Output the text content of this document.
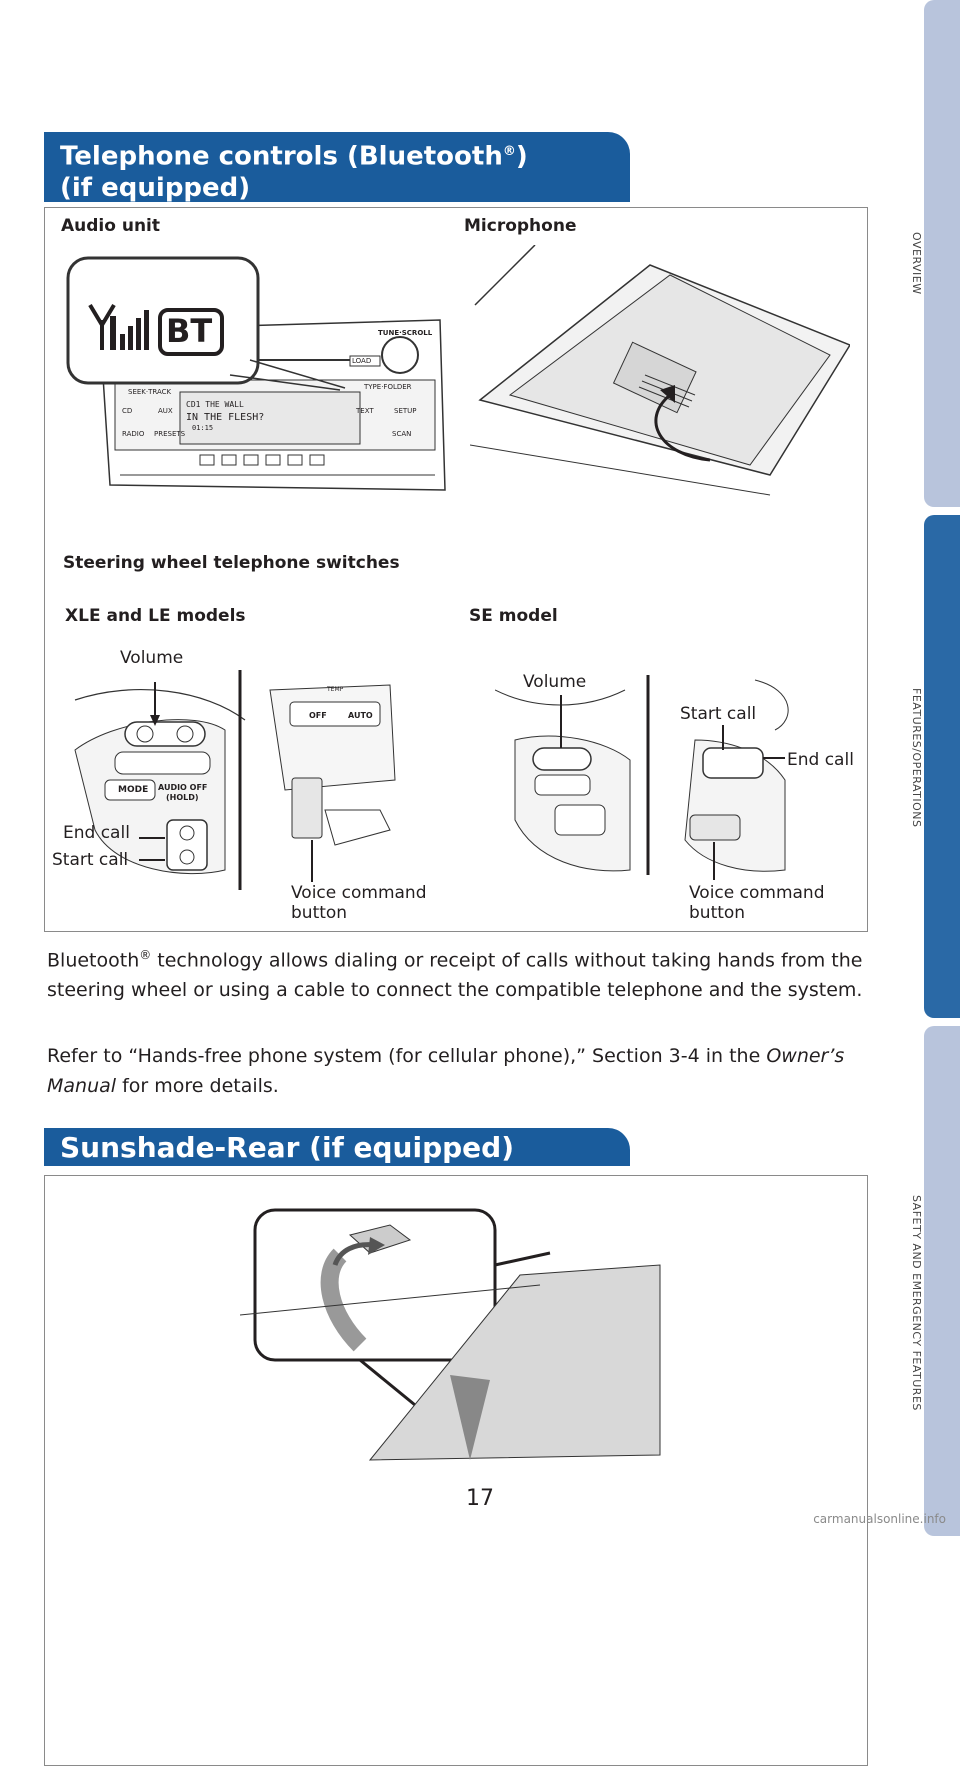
OVERVIEW
FEATURES/OPERATIONS
SAFETY AND EMERGENCY FEATURES
Telephone controls (Bluetooth®)
(if equipped)
Audio unit	Microphone
Steering wheel telephone switches
XLE and LE models	SE model
BT	TUNE·SCROLL
LOAD
SEEK·TRACK
TYPE·FOLDER
CD	AUX	TEXT	SETUP
RADIO PRESETS	SCAN
CD1 THE WALL
IN THE FLESH?
01:15
MODE AUDIO OFF
(HOLD)
OFF	AUTO
TEMP
Volume
End call
Start call
Voice command
button
Volume
Start call
End call
Voice command
button

Bluetooth® technology allows dialing or receipt of calls without taking hands from the steering wheel or using a cable to connect the compatible telephone and the system.

Refer to “Hands-free phone system (for cellular phone),” Section 3-4 in the Owner’s Manual for more details.

Sunshade-Rear (if equipped)
17
carmanualsonline.info
